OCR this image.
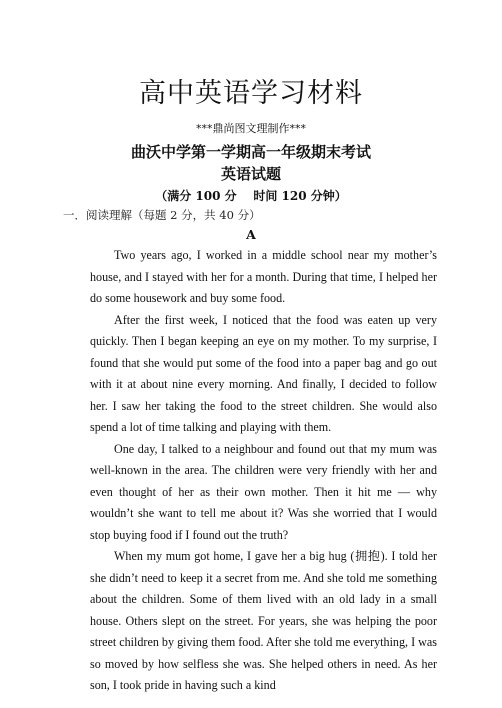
高中英语学习材料
***鼎尚图文理制作***
曲沃中学第一学期高一年级期末考试
英语试题
（满分 100 分    时间 120 分钟）
一．阅读理解（每题 2 分，共 40 分）
A

Two years ago, I worked in a middle school near my mother’s house, and I stayed with her for a month. During that time, I helped her do some housework and buy some food.

After the first week, I noticed that the food was eaten up very quickly. Then I began keeping an eye on my mother. To my surprise, I found that she would put some of the food into a paper bag and go out with it at about nine every morning. And finally, I decided to follow her. I saw her taking the food to the street children. She would also spend a lot of time talking and playing with them.

One day, I talked to a neighbour and found out that my mum was well-known in the area. The children were very friendly with her and even thought of her as their own mother. Then it hit me — why wouldn’t she want to tell me about it? Was she worried that I would stop buying food if I found out the truth?

When my mum got home, I gave her a big hug (拥抱). I told her she didn’t need to keep it a secret from me. And she told me something about the children. Some of them lived with an old lady in a small house. Others slept on the street. For years, she was helping the poor street children by giving them food. After she told me everything, I was so moved by how selfless she was. She helped others in need. As her son, I took pride in having such a kind
